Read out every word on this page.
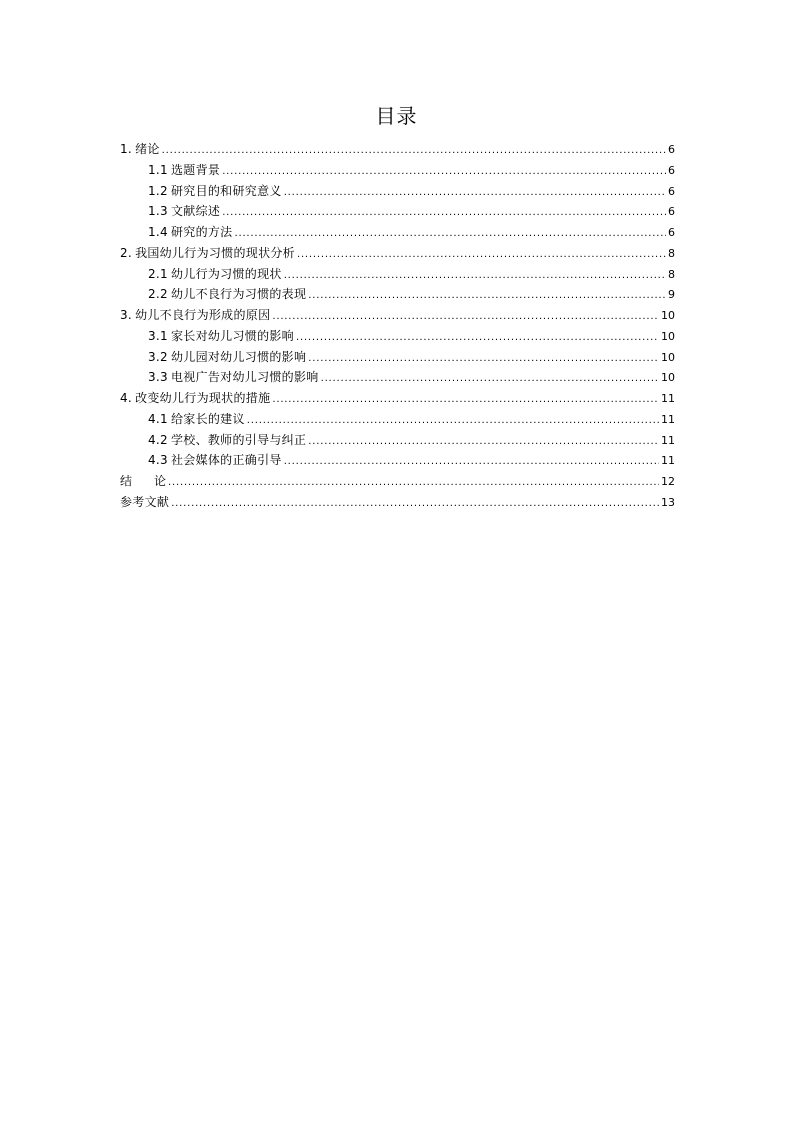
目录
1. 绪论 .....	6
1.1 选题背景 .....	6
1.2 研究目的和研究意义 .....	6
1.3 文献综述 .....	6
1.4 研究的方法 .....	6
2. 我国幼儿行为习惯的现状分析 .....	8
2.1 幼儿行为习惯的现状 .....	8
2.2 幼儿不良行为习惯的表现 .....	9
3. 幼儿不良行为形成的原因 .....	10
3.1 家长对幼儿习惯的影响 .....	10
3.2 幼儿园对幼儿习惯的影响 .....	10
3.3 电视广告对幼儿习惯的影响 .....	10
4. 改变幼儿行为现状的措施 .....	11
4.1 给家长的建议 .....	11
4.2 学校、教师的引导与纠正 .....	11
4.3 社会媒体的正确引导 .....	11
结 论 .....	12
参考文献 .....	13
